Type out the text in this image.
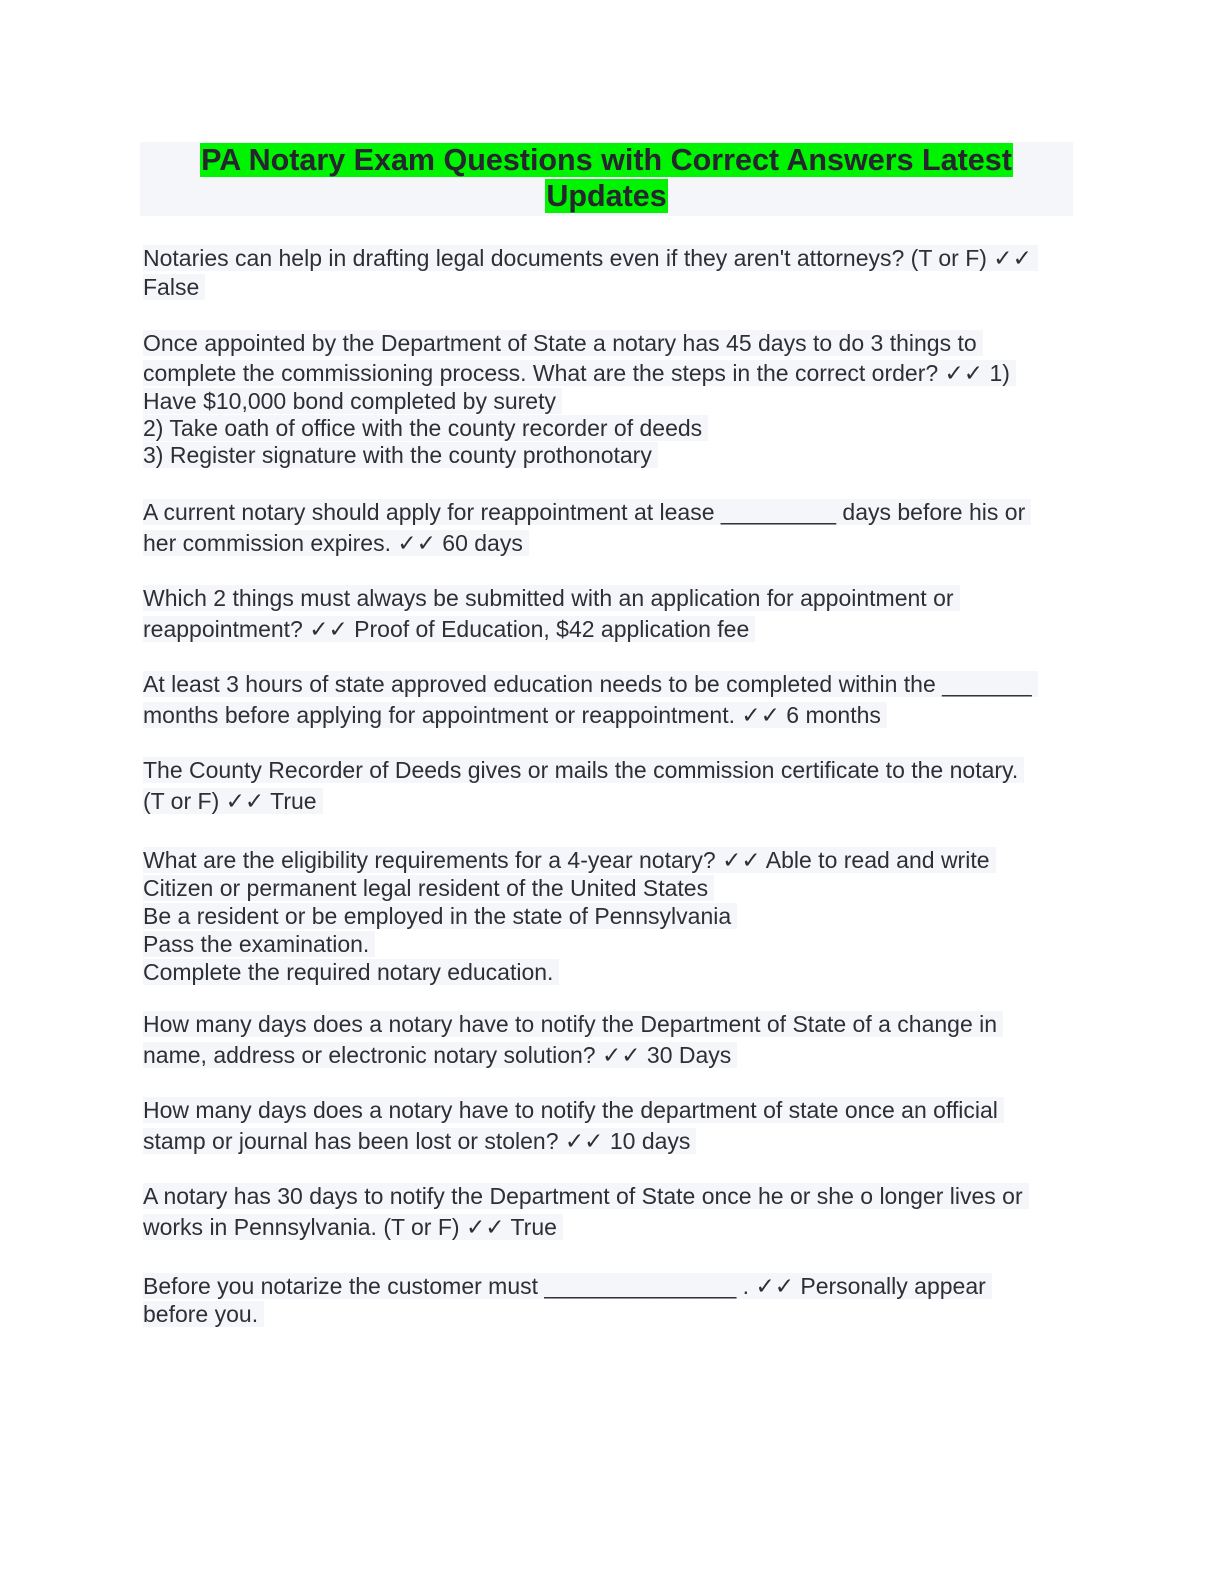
PA Notary Exam Questions with Correct Answers Latest
Updates
Notaries can help in drafting legal documents even if they aren't attorneys? (T or F) ✓✓
False
Once appointed by the Department of State a notary has 45 days to do 3 things to
complete the commissioning process. What are the steps in the correct order? ✓✓ 1)
Have $10,000 bond completed by surety
2) Take oath of office with the county recorder of deeds
3) Register signature with the county prothonotary
A current notary should apply for reappointment at lease _________ days before his or
her commission expires. ✓✓ 60 days
Which 2 things must always be submitted with an application for appointment or
reappointment? ✓✓ Proof of Education, $42 application fee
At least 3 hours of state approved education needs to be completed within the _______
months before applying for appointment or reappointment. ✓✓ 6 months
The County Recorder of Deeds gives or mails the commission certificate to the notary.
(T or F) ✓✓ True
What are the eligibility requirements for a 4-year notary? ✓✓ Able to read and write
Citizen or permanent legal resident of the United States
Be a resident or be employed in the state of Pennsylvania
Pass the examination.
Complete the required notary education.
How many days does a notary have to notify the Department of State of a change in
name, address or electronic notary solution? ✓✓ 30 Days
How many days does a notary have to notify the department of state once an official
stamp or journal has been lost or stolen? ✓✓ 10 days
A notary has 30 days to notify the Department of State once he or she o longer lives or
works in Pennsylvania. (T or F) ✓✓ True
Before you notarize the customer must _______________ . ✓✓ Personally appear
before you.
